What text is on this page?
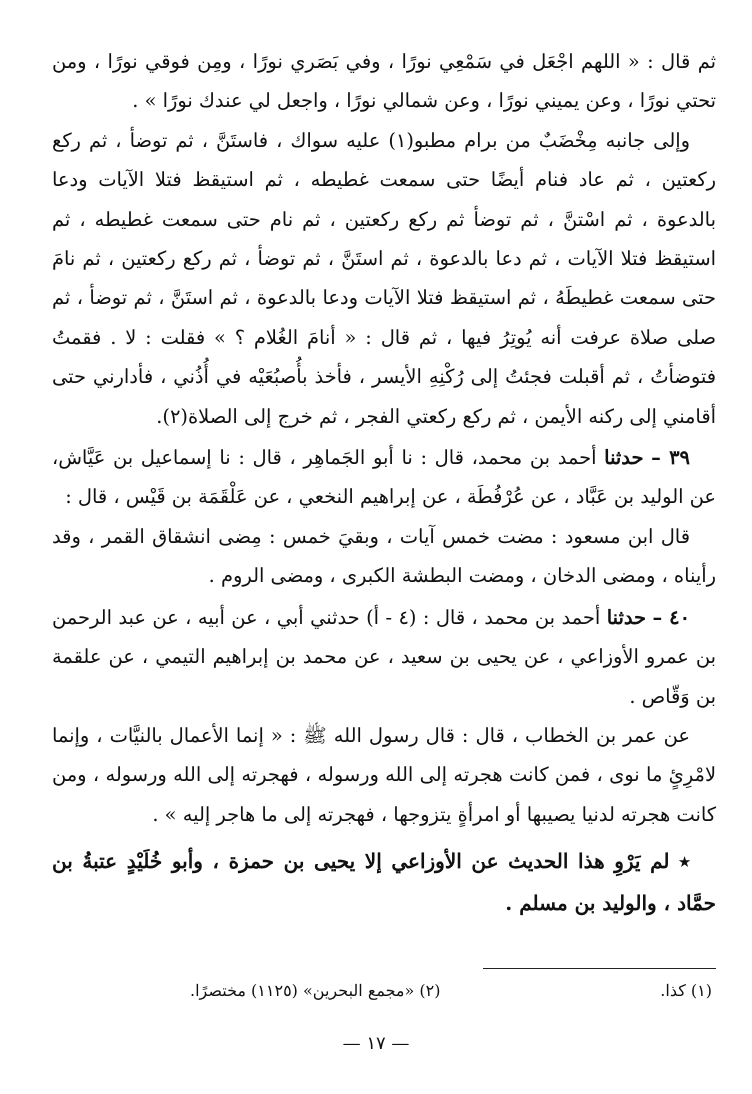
ثم قال : « اللهم اجْعَل في سَمْعِي نورًا ، وفي بَصَري نورًا ، ومِن فوقي نورًا ، ومن تحتي نورًا ، وعن يميني نورًا ، وعن شمالي نورًا ، واجعل لي عندك نورًا » .

وإلى جانبه مِخْضَبٌ من برام مطبو(١) عليه سواك ، فاستَنَّ ، ثم توضأ ، ثم ركع ركعتين ، ثم عاد فنام أيضًا حتى سمعت غطيطه ، ثم استيقظ فتلا الآيات ودعا بالدعوة ، ثم اسْتنَّ ، ثم توضأ ثم ركع ركعتين ، ثم نام حتى سمعت غطيطه ، ثم استيقظ فتلا الآيات ، ثم دعا بالدعوة ، ثم استَنَّ ، ثم توضأ ، ثم ركع ركعتين ، ثم نامَ حتى سمعت غطيطَهُ ، ثم استيقظ فتلا الآيات ودعا بالدعوة ، ثم استَنَّ ، ثم توضأ ، ثم صلى صلاة عرفت أنه يُوتِرُ فيها ، ثم قال : « أنامَ الغُلام ؟ » فقلت : لا . فقمتُ فتوضأتُ ، ثم أقبلت فجئتُ إلى رُكْنِهِ الأيسر ، فأخذ بأُصبُعَيْه في أُذُني ، فأدارني حتى أقامني إلى ركنه الأيمن ، ثم ركع ركعتي الفجر ، ثم خرج إلى الصلاة(٢).

٣٩ – حدثنا أحمد بن محمد، قال : نا أبو الجَماهِر ، قال : نا إسماعيل بن عَيَّاش، عن الوليد بن عَبَّاد ، عن عُرْفُطَة ، عن إبراهيم النخعي ، عن عَلْقَمَة بن قَيْس ، قال :

قال ابن مسعود : مضت خمس آيات ، وبقيَ خمس : مِضى انشقاق القمر ، وقد رأيناه ، ومضى الدخان ، ومضت البطشة الكبرى ، ومضى الروم .

٤٠ – حدثنا أحمد بن محمد ، قال : (٤ - أ) حدثني أبي ، عن أبيه ، عن عبد الرحمن بن عمرو الأوزاعي ، عن يحيى بن سعيد ، عن محمد بن إبراهيم التيمي ، عن علقمة بن وَقّاص .

عن عمر بن الخطاب ، قال : قال رسول الله ﷺ : « إنما الأعمال بالنيَّات ، وإنما لامْرِئٍ ما نوى ، فمن كانت هجرته إلى الله ورسوله ، فهجرته إلى الله ورسوله ، ومن كانت هجرته لدنيا يصيبها أو امرأةٍ يتزوجها ، فهجرته إلى ما هاجر إليه » .

٭ لم يَرْوِ هذا الحديث عن الأوزاعي إلا يحيى بن حمزة ، وأبو خُلَيْدٍ عتبةُ بن حمَّاد ، والوليد بن مسلم .

(١) كذا.
(٢) «مجمع البحرين» (١١٢٥) مختصرًا.
— ١٧ —
